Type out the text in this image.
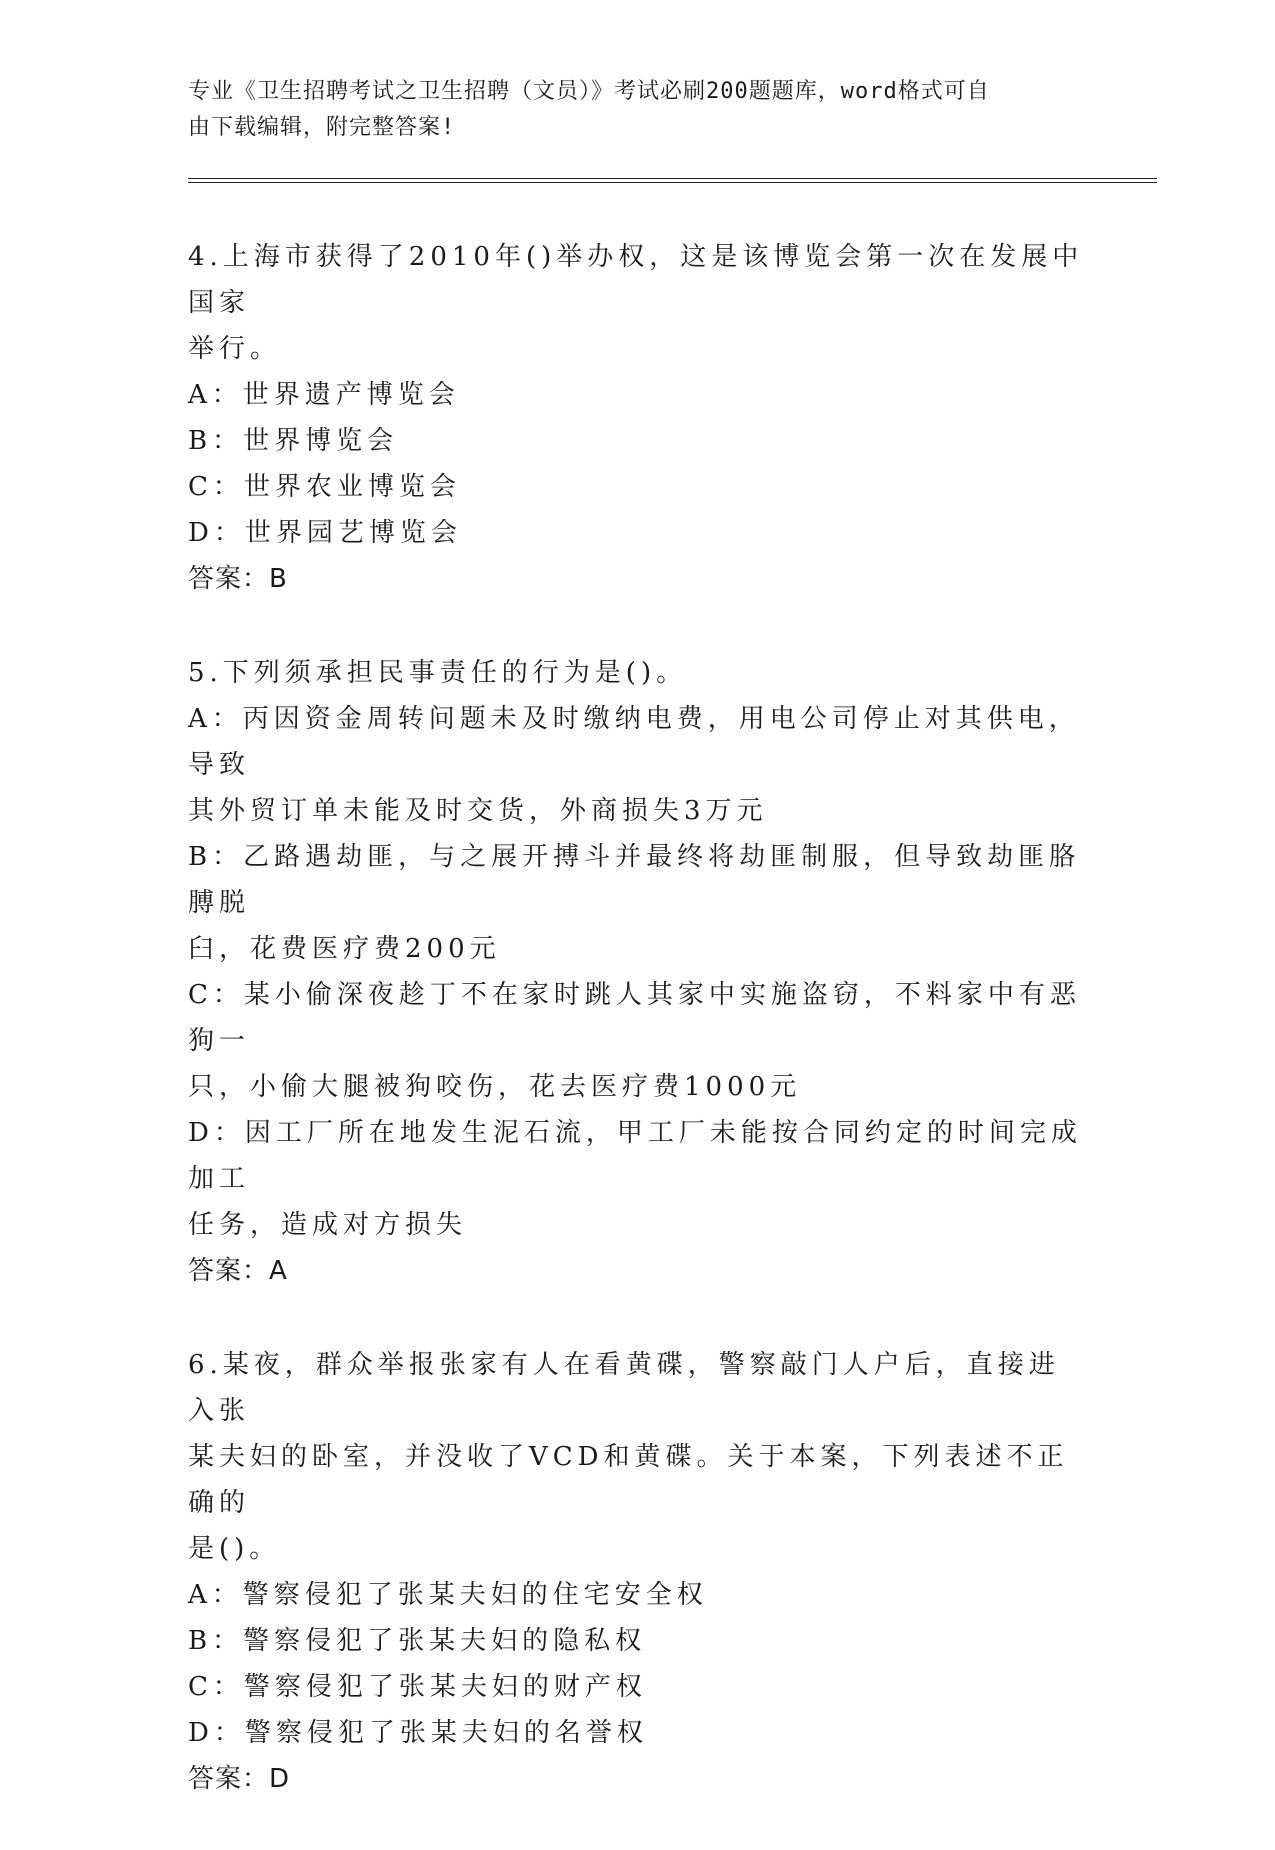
专业《卫生招聘考试之卫生招聘（文员）》考试必刷200题题库，word格式可自
由下载编辑，附完整答案!

4.上海市获得了2010年()举办权，这是该博览会第一次在发展中国家

举行。

A：世界遗产博览会

B：世界博览会

C：世界农业博览会

D：世界园艺博览会

答案：B

5.下列须承担民事责任的行为是()。

A：丙因资金周转问题未及时缴纳电费，用电公司停止对其供电，导致

其外贸订单未能及时交货，外商损失3万元

B：乙路遇劫匪，与之展开搏斗并最终将劫匪制服，但导致劫匪胳膊脱

臼，花费医疗费200元

C：某小偷深夜趁丁不在家时跳人其家中实施盗窃，不料家中有恶狗一

只，小偷大腿被狗咬伤，花去医疗费1000元

D：因工厂所在地发生泥石流，甲工厂未能按合同约定的时间完成加工

任务，造成对方损失

答案：A

6.某夜，群众举报张家有人在看黄碟，警察敲门人户后，直接进入张

某夫妇的卧室，并没收了VCD和黄碟。关于本案，下列表述不正确的

是()。

A：警察侵犯了张某夫妇的住宅安全权

B：警察侵犯了张某夫妇的隐私权

C：警察侵犯了张某夫妇的财产权

D：警察侵犯了张某夫妇的名誉权

答案：D
